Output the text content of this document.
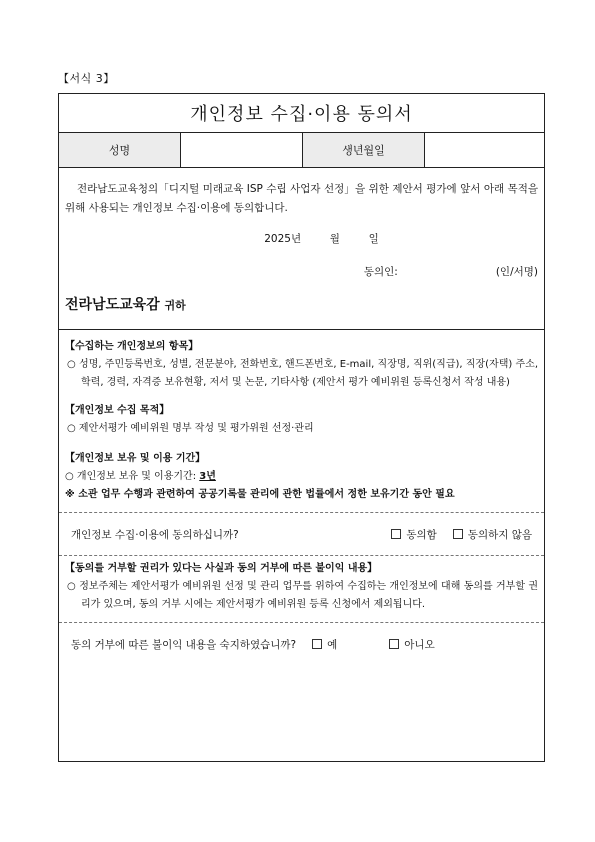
【서식 3】
개인정보 수집·이용 동의서
성명	생년월일
전라남도교육청의「디지털 미래교육 ISP 수립 사업자 선정」을 위한 제안서 평가에 앞서 아래 목적을 위해 사용되는 개인정보 수집·이용에 동의합니다.
2025년	월	일
동의인:	(인/서명)
전라남도교육감 귀하
【수집하는 개인정보의 항목】
○ 성명, 주민등록번호, 성별, 전문분야, 전화번호, 핸드폰번호, E-mail, 직장명, 직위(직급), 직장(자택) 주소, 학력, 경력, 자격증 보유현황, 저서 및 논문, 기타사항 (제안서 평가 예비위원 등록신청서 작성 내용)
【개인정보 수집 목적】
○ 제안서평가 예비위원 명부 작성 및 평가위원 선정·관리
【개인정보 보유 및 이용 기간】
○ 개인정보 보유 및 이용기간: 3년
※ 소관 업무 수행과 관련하여 공공기록물 관리에 관한 법률에서 정한 보유기간 동안 필요
개인정보 수집·이용에 동의하십니까?	동의함	동의하지 않음
【동의를 거부할 권리가 있다는 사실과 동의 거부에 따른 불이익 내용】
○ 정보주체는 제안서평가 예비위원 선정 및 관리 업무를 위하여 수집하는 개인정보에 대해 동의를 거부할 권리가 있으며, 동의 거부 시에는 제안서평가 예비위원 등록 신청에서 제외됩니다.
동의 거부에 따른 불이익 내용을 숙지하였습니까?	예	아니오
